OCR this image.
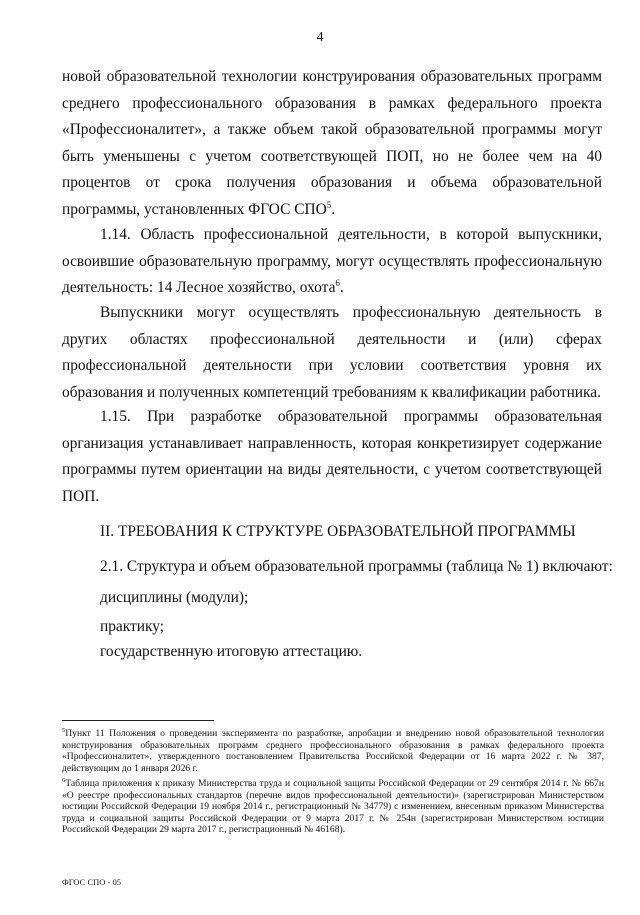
4

новой образовательной технологии конструирования образовательных программ среднего профессионального образования в рамках федерального проекта «Профессионалитет», а также объем такой образовательной программы могут быть уменьшены с учетом соответствующей ПОП, но не более чем на 40 процентов от срока получения образования и объема образовательной программы, установленных ФГОС СПО$^5$.

1.14. Область профессиональной деятельности, в которой выпускники, освоившие образовательную программу, могут осуществлять профессиональную деятельность: 14 Лесное хозяйство, охота$^6$.

Выпускники могут осуществлять профессиональную деятельность в других областях профессиональной деятельности и (или) сферах профессиональной деятельности при условии соответствия уровня их образования и полученных компетенций требованиям к квалификации работника.

1.15. При разработке образовательной программы образовательная организация устанавливает направленность, которая конкретизирует содержание программы путем ориентации на виды деятельности, с учетом соответствующей ПОП.

II. ТРЕБОВАНИЯ К СТРУКТУРЕ ОБРАЗОВАТЕЛЬНОЙ ПРОГРАММЫ
2.1. Структура и объем образовательной программы (таблица № 1) включают:
дисциплины (модули);
практику;
государственную итоговую аттестацию.

$^5$Пункт 11 Положения о проведении эксперимента по разработке, апробации и внедрению новой образовательной технологии конструирования образовательных программ среднего профессионального образования в рамках федерального проекта «Профессионалитет», утвержденного постановлением Правительства Российской Федерации от 16 марта 2022 г. № 387, действующим до 1 января 2026 г.

$^6$Таблица приложения к приказу Министерства труда и социальной защиты Российской Федерации от 29 сентября 2014 г. № 667н «О реестре профессиональных стандартов (перечне видов профессиональной деятельности)» (зарегистрирован Министерством юстиции Российской Федерации 19 ноября 2014 г., регистрационный № 34779) с изменением, внесенным приказом Министерства труда и социальной защиты Российской Федерации от 9 марта 2017 г. № 254н (зарегистрирован Министерством юстиции Российской Федерации 29 марта 2017 г., регистрационный № 46168).

ФГОС СПО - 05
